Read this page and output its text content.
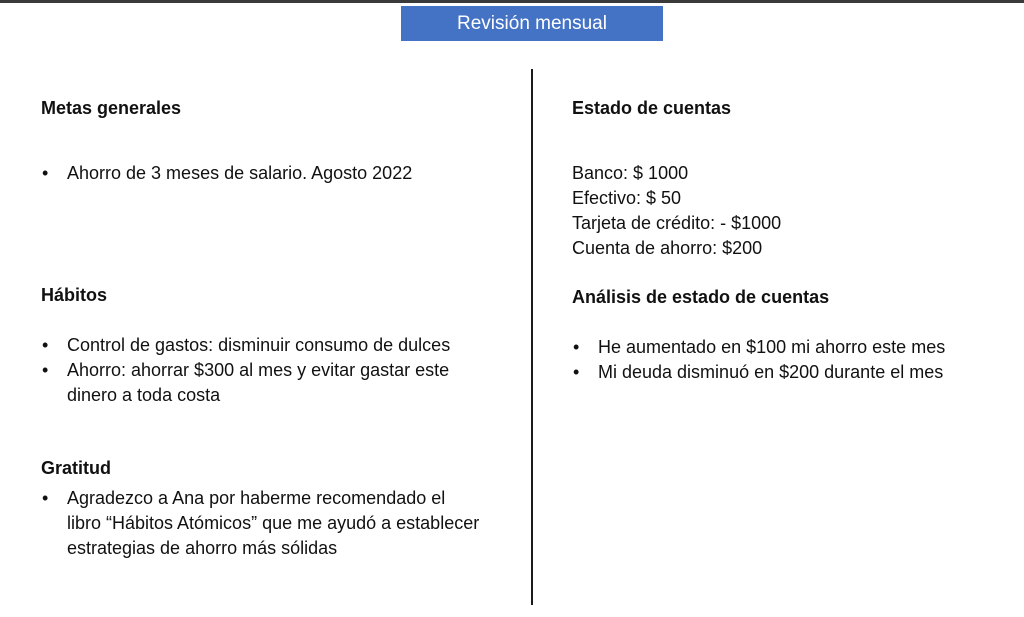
Revisión mensual
Metas generales
• Ahorro de 3 meses de salario. Agosto 2022
Hábitos
• Control de gastos: disminuir consumo de dulces
• Ahorro: ahorrar $300 al mes y evitar gastar este dinero a toda costa
Gratitud
• Agradezco a Ana por haberme recomendado el libro “Hábitos Atómicos” que me ayudó a establecer estrategias de ahorro más sólidas
Estado de cuentas
Banco: $ 1000
Efectivo: $ 50
Tarjeta de crédito: - $1000
Cuenta de ahorro: $200
Análisis de estado de cuentas
• He aumentado en $100 mi ahorro este mes
• Mi deuda disminuó en $200 durante el mes
